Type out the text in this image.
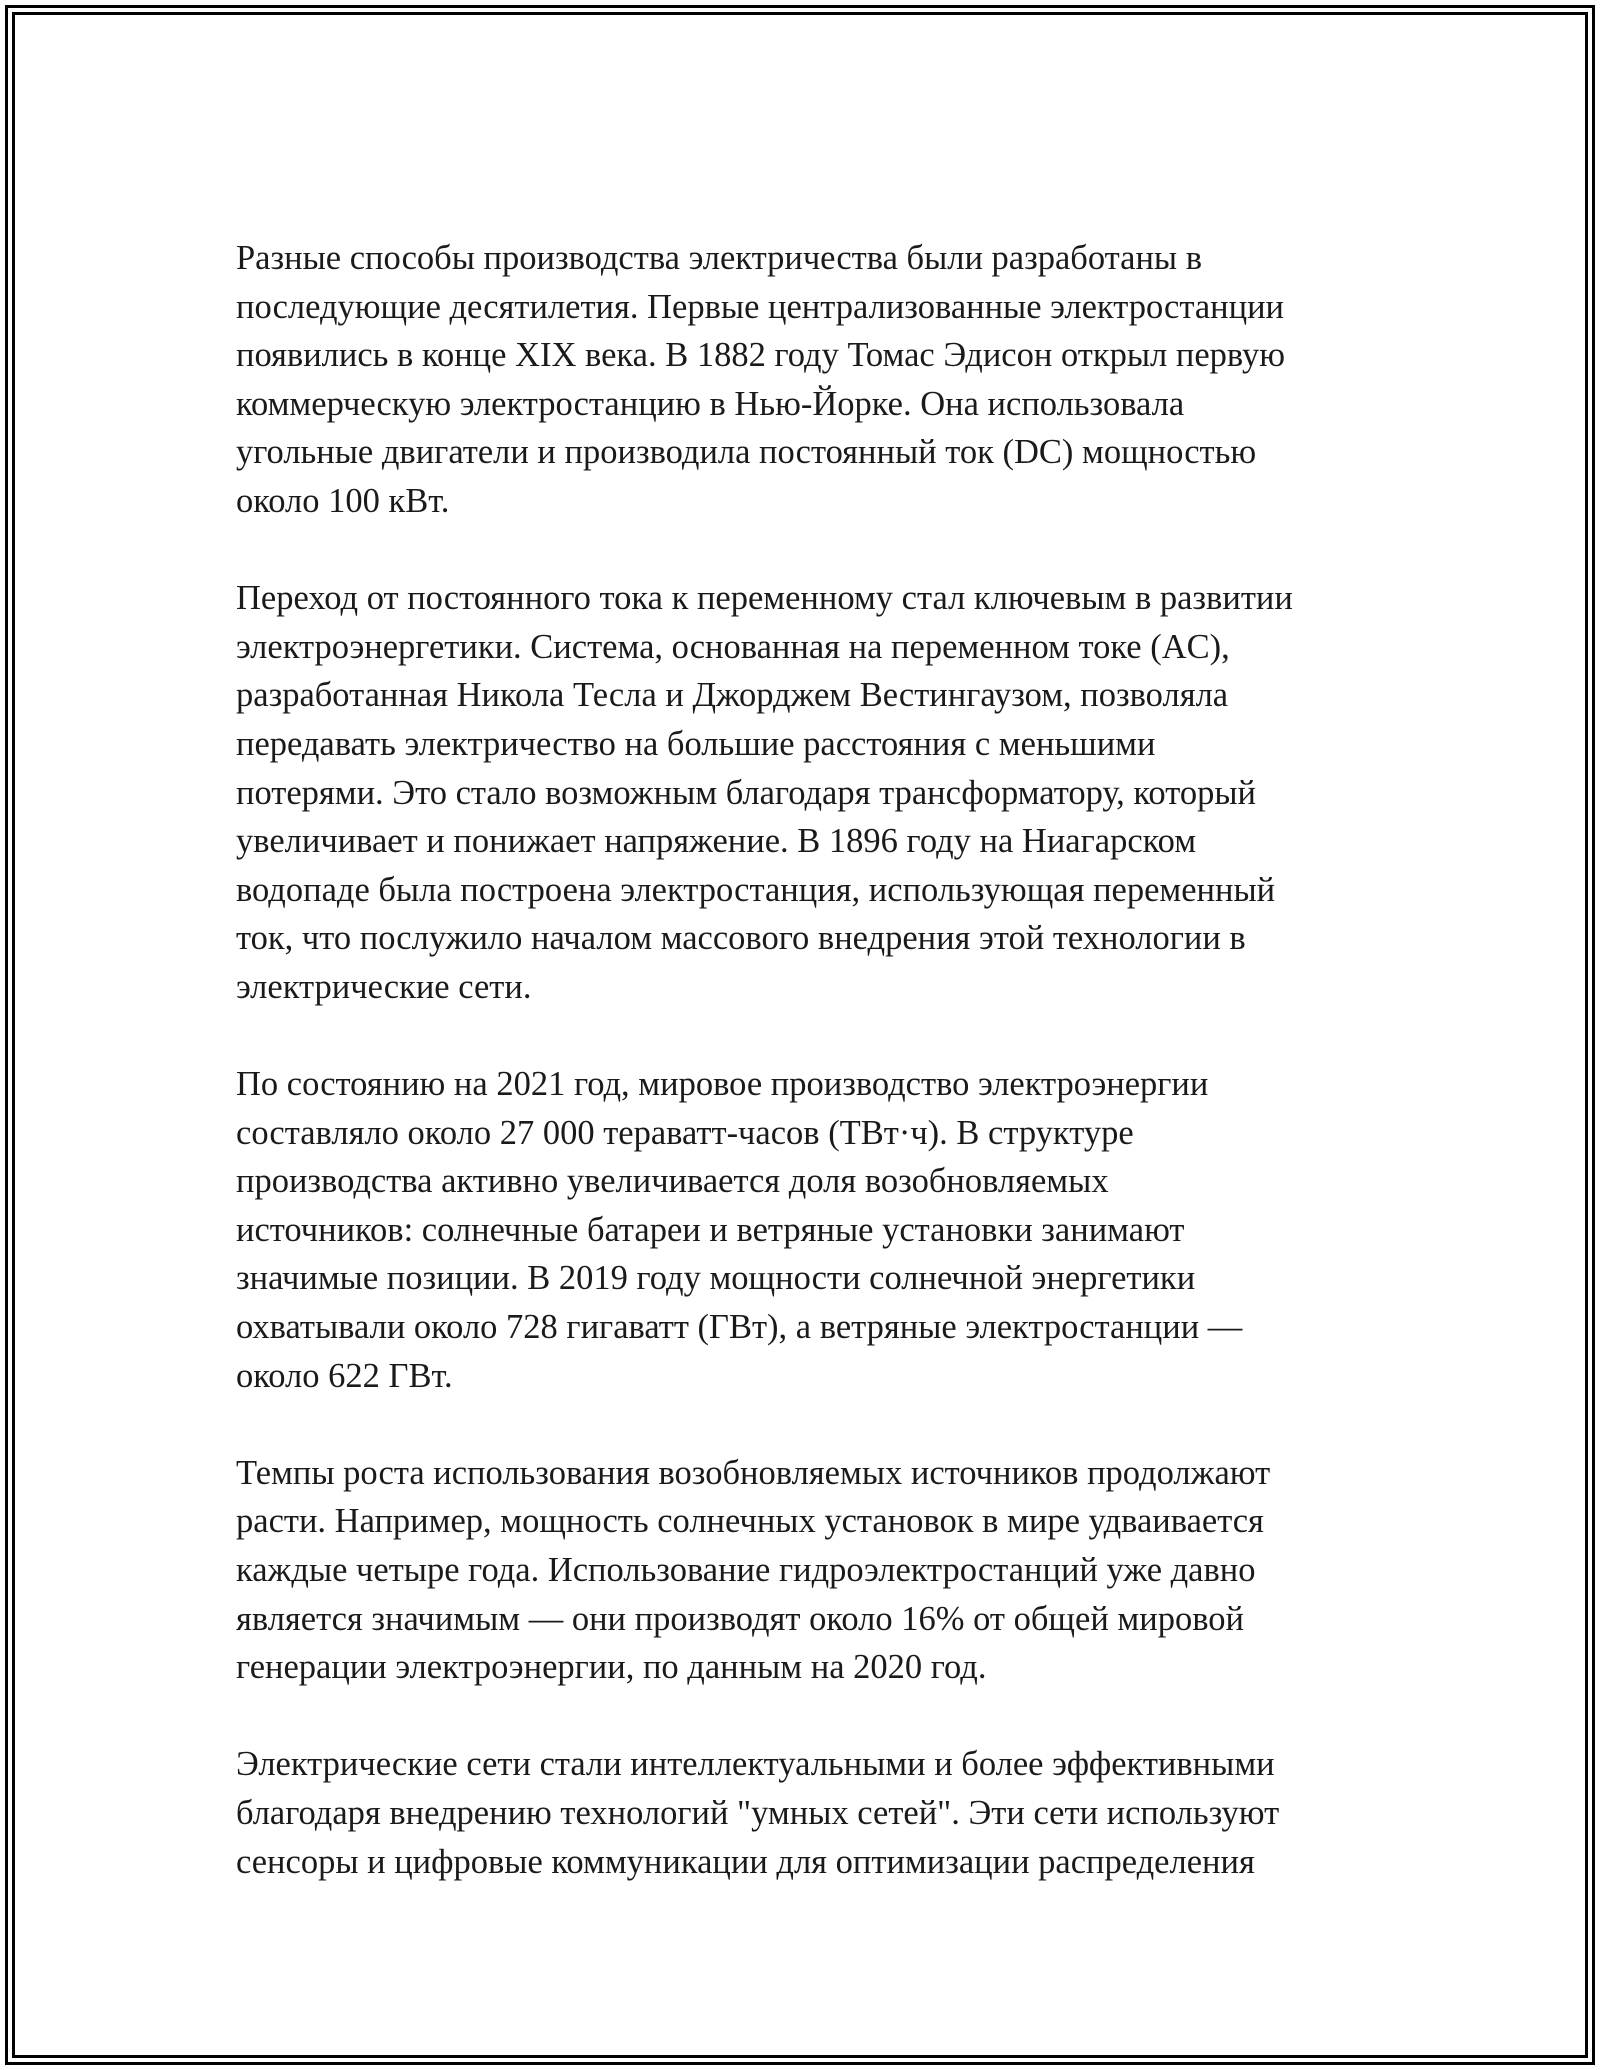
Разные способы производства электричества были разработаны в
последующие десятилетия. Первые централизованные электростанции
появились в конце XIX века. В 1882 году Томас Эдисон открыл первую
коммерческую электростанцию в Нью-Йорке. Она использовала
угольные двигатели и производила постоянный ток (DC) мощностью
около 100 кВт.

Переход от постоянного тока к переменному стал ключевым в развитии
электроэнергетики. Система, основанная на переменном токе (AC),
разработанная Никола Тесла и Джорджем Вестингаузом, позволяла
передавать электричество на большие расстояния с меньшими
потерями. Это стало возможным благодаря трансформатору, который
увеличивает и понижает напряжение. В 1896 году на Ниагарском
водопаде была построена электростанция, использующая переменный
ток, что послужило началом массового внедрения этой технологии в
электрические сети.

По состоянию на 2021 год, мировое производство электроэнергии
составляло около 27 000 тераватт-часов (ТВт·ч). В структуре
производства активно увеличивается доля возобновляемых
источников: солнечные батареи и ветряные установки занимают
значимые позиции. В 2019 году мощности солнечной энергетики
охватывали около 728 гигаватт (ГВт), а ветряные электростанции —
около 622 ГВт.

Темпы роста использования возобновляемых источников продолжают
расти. Например, мощность солнечных установок в мире удваивается
каждые четыре года. Использование гидроэлектростанций уже давно
является значимым — они производят около 16% от общей мировой
генерации электроэнергии, по данным на 2020 год.

Электрические сети стали интеллектуальными и более эффективными
благодаря внедрению технологий "умных сетей". Эти сети используют
сенсоры и цифровые коммуникации для оптимизации распределения
